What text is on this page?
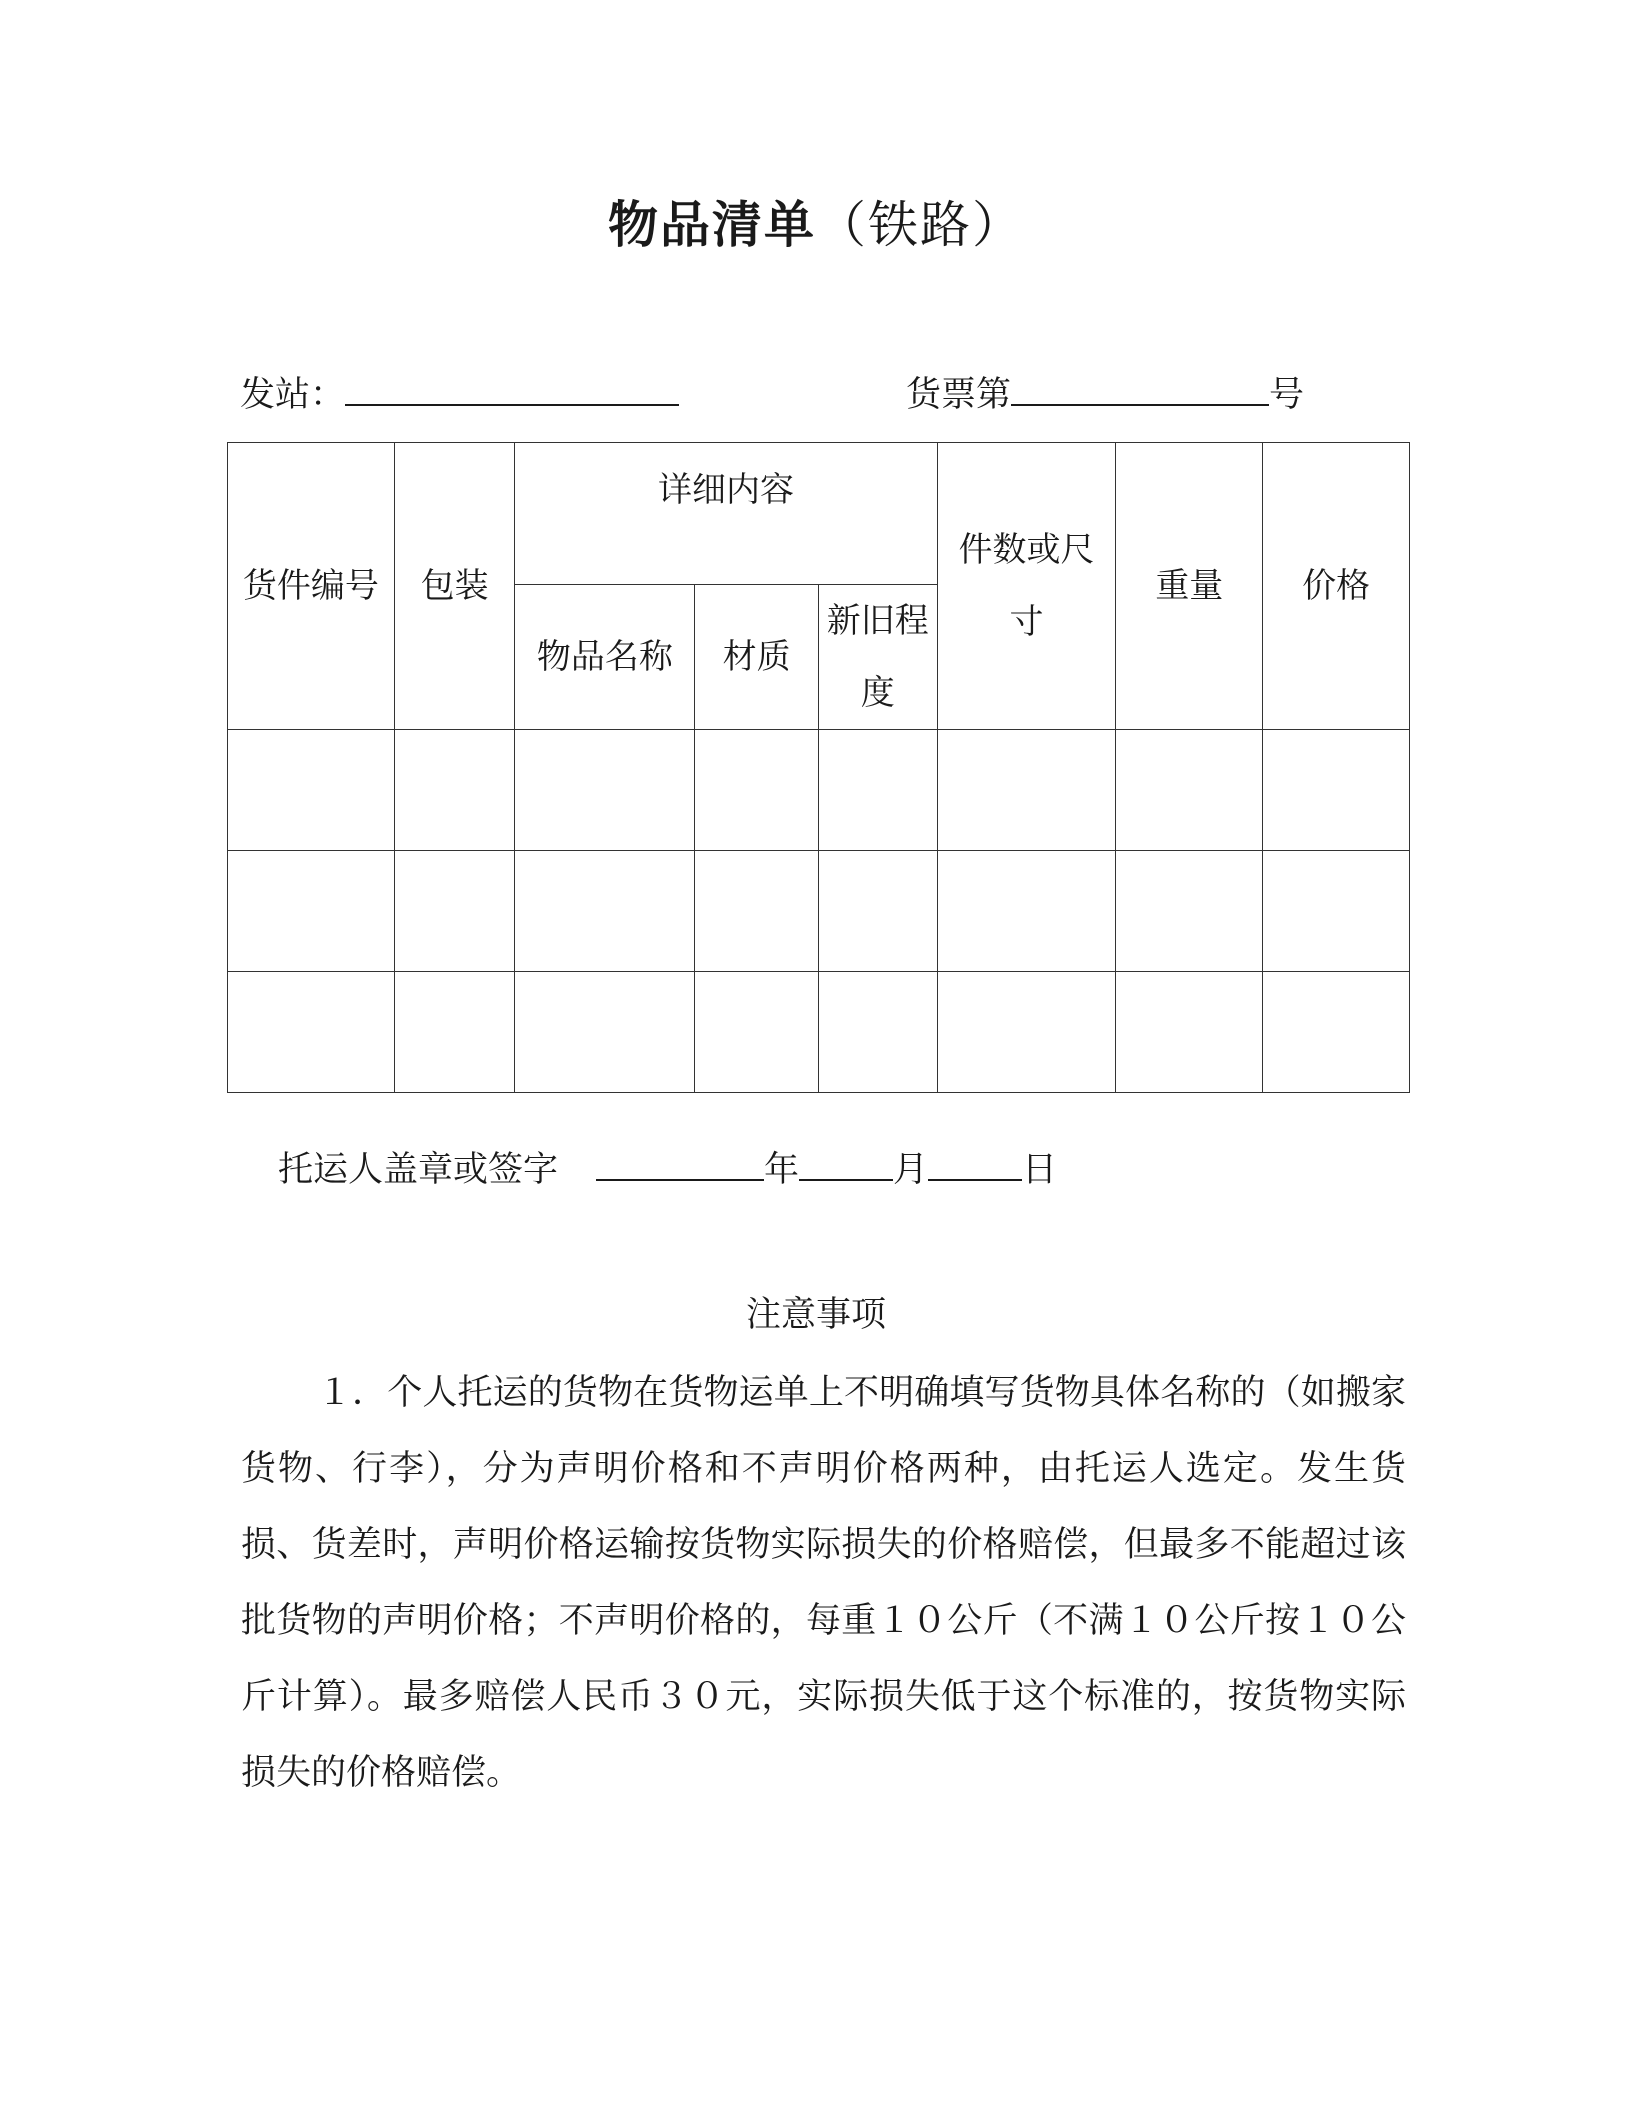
物品清单（铁路）
发站：	货票第	号
货件编号	包装	详细内容			件数或尺寸	重量	价格
		物品名称	材质	新旧程度			

托运人盖章或签字	年	月	日
注意事项
１．个人托运的货物在货物运单上不明确填写货物具体名称的（如搬家货物、行李），分为声明价格和不声明价格两种，由托运人选定。发生货损、货差时，声明价格运输按货物实际损失的价格赔偿，但最多不能超过该批货物的声明价格；不声明价格的，每重１０公斤（不满１０公斤按１０公斤计算）。最多赔偿人民币３０元，实际损失低于这个标准的，按货物实际损失的价格赔偿。
